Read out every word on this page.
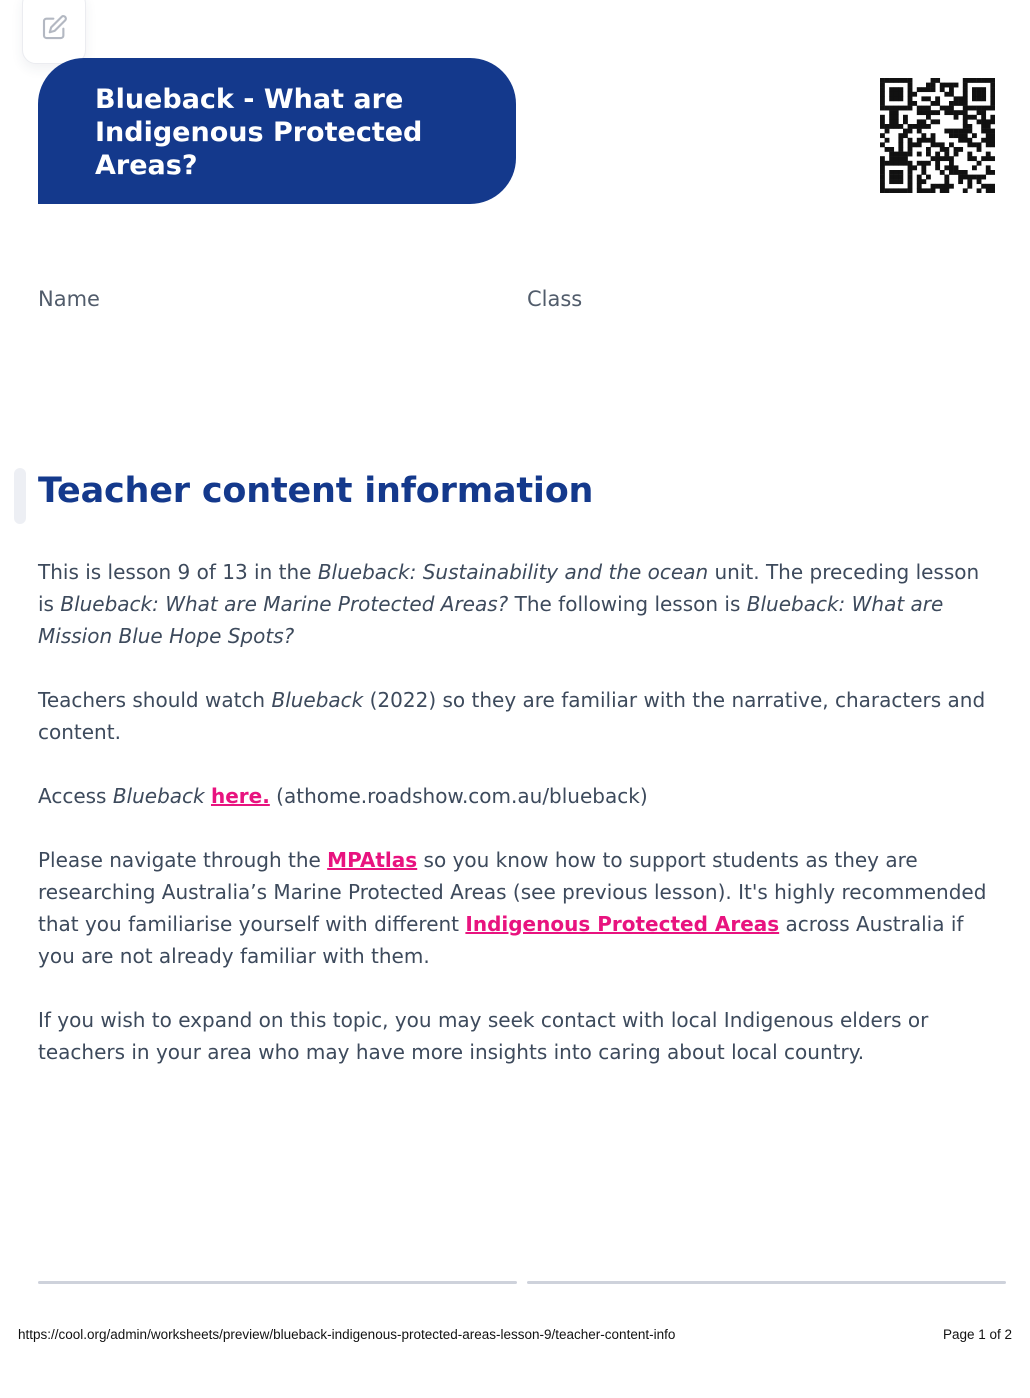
Blueback - What are Indigenous Protected Areas?
Name	Class
Teacher content information

This is lesson 9 of 13 in the Blueback: Sustainability and the ocean unit. The preceding lesson is Blueback: What are Marine Protected Areas? The following lesson is Blueback: What are Mission Blue Hope Spots?

Teachers should watch Blueback (2022) so they are familiar with the narrative, characters and content.

Access Blueback here. (athome.roadshow.com.au/blueback)

Please navigate through the MPAtlas so you know how to support students as they are researching Australia’s Marine Protected Areas (see previous lesson). It's highly recommended that you familiarise yourself with different Indigenous Protected Areas across Australia if you are not already familiar with them.

If you wish to expand on this topic, you may seek contact with local Indigenous elders or teachers in your area who may have more insights into caring about local country.

https://cool.org/admin/worksheets/preview/blueback-indigenous-protected-areas-lesson-9/teacher-content-info	Page 1 of 2
